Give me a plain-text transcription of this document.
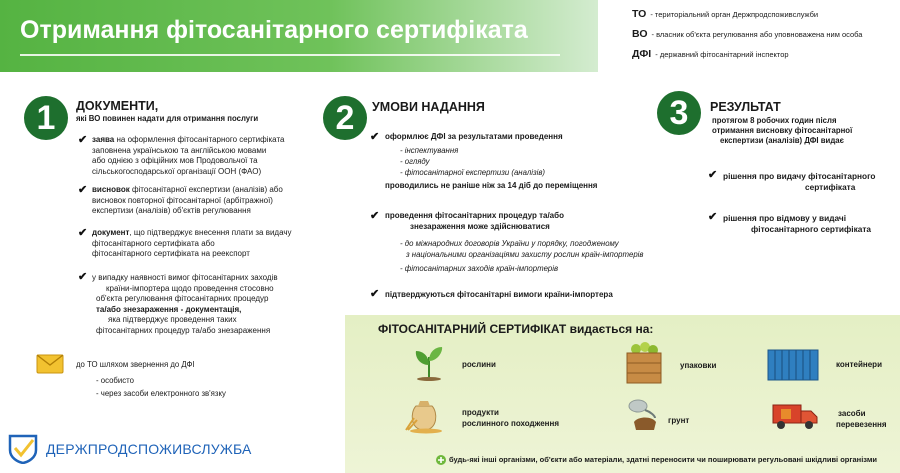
Отримання фітосанітарного сертифіката
ТО - територіальний орган Держпродспоживслужби
ВО - власник об'єкта регулювання або уповноважена ним особа
ДФІ - державний фітосанітарний інспектор
1	ДОКУМЕНТИ,
які ВО повинен надати для отримання послуги
✔ заява на оформлення фітосанітарного сертифіката
заповнена українською та англійською мовами
або однією з офіційних мов Продовольчої та
сільськогосподарської організації ООН (ФАО)
✔ висновок фітосанітарної експертизи (аналізів) або
висновок повторної фітосанітарної (арбітражної)
експертизи (аналізів) об'єктів регулювання
✔ документ, що підтверджує внесення плати за видачу
фітосанітарного сертифіката або
фітосанітарного сертифіката на реекспорт
✔ у випадку наявності вимог фітосанітарних заходів
країни-імпортера щодо проведення стосовно
об'єкта регулювання фітосанітарних процедур
та/або знезараження - документація,
яка підтверджує проведення таких
фітосанітарних процедур та/або знезараження
до ТО шляхом звернення до ДФІ
- особисто
- через засоби електронного зв'язку
2	УМОВИ НАДАННЯ
✔ оформлює ДФІ за результатами проведення
- інспектування
- огляду
- фітосанітарної експертизи (аналізів)
проводились не раніше ніж за 14 діб до переміщення
✔ проведення фітосанітарних процедур та/або
знезараження може здійснюватися
- до міжнародних договорів України у порядку, погодженому
з національними організаціями захисту рослин країн-імпортерів
- фітосанітарних заходів країн-імпортерів
✔ підтверджуються фітосанітарні вимоги країни-імпортера
3	РЕЗУЛЬТАТ
протягом 8 робочих годин після
отримання висновку фітосанітарної
експертизи (аналізів) ДФІ видає
✔ рішення про видачу фітосанітарного
сертифіката
✔ рішення про відмову у видачі
фітосанітарного сертифіката
ФІТОСАНІТАРНИЙ СЕРТИФІКАТ видається на:
рослини	упаковки	контейнери
продукти
рослинного походження	грунт
засоби
перевезення
будь-які інші організми, об'єкти або матеріали, здатні переносити чи поширювати регульовані шкідливі організми
ДЕРЖПРОДСПОЖИВСЛУЖБА
